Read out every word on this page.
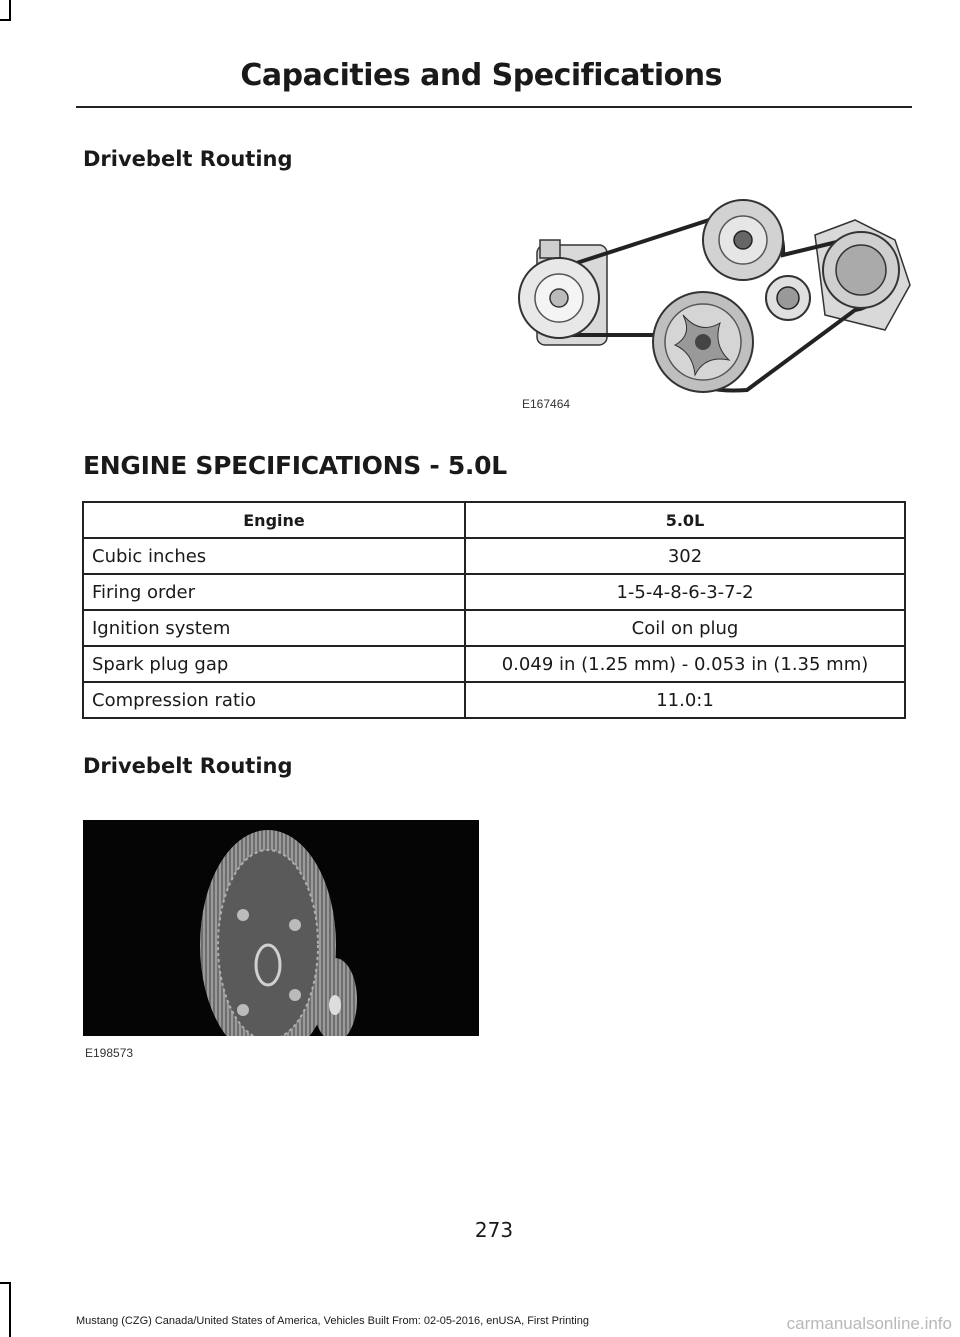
Capacities and Specifications
Drivebelt Routing
E167464
ENGINE SPECIFICATIONS - 5.0L
Engine	5.0L
Cubic inches	302
Firing order	1-5-4-8-6-3-7-2
Ignition system	Coil on plug
Spark plug gap	0.049 in (1.25 mm) - 0.053 in (1.35 mm)
Compression ratio	11.0:1
Drivebelt Routing
E198573
273
Mustang (CZG) Canada/United States of America, Vehicles Built From: 02-05-2016, enUSA, First Printing	carmanualsonline.info
